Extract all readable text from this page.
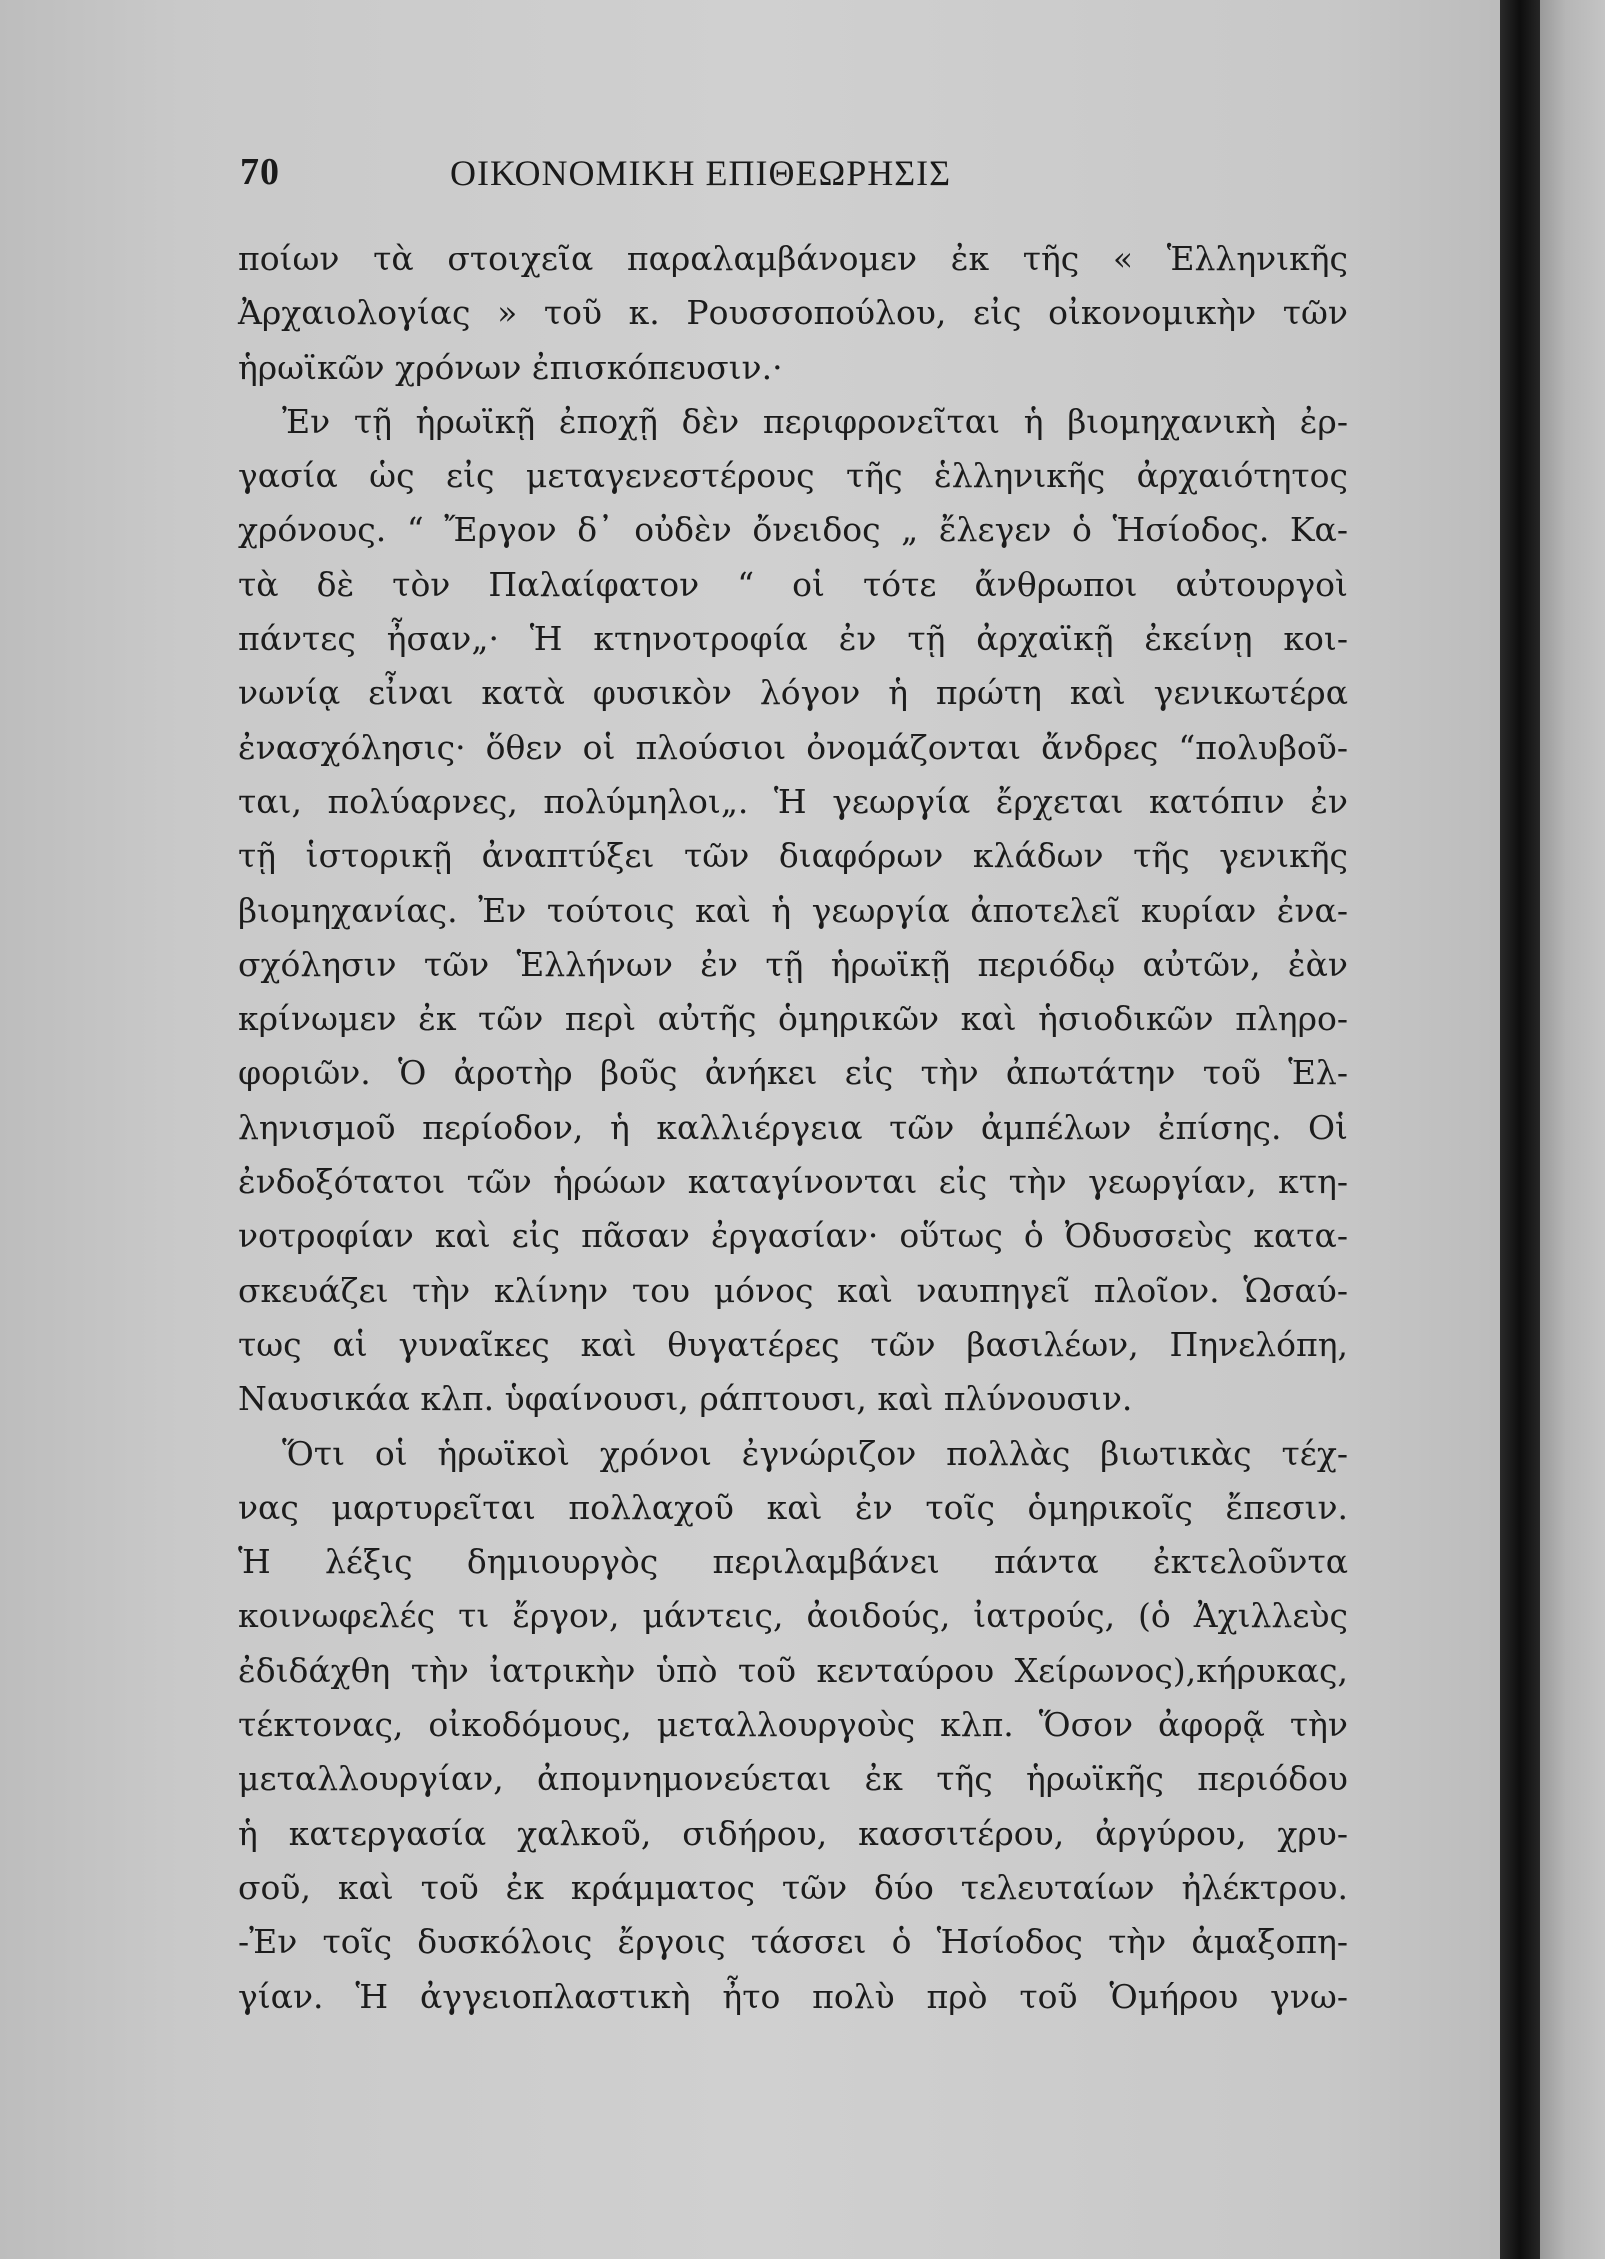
70	ΟΙΚΟΝΟΜΙΚΗ ΕΠΙΘΕΩΡΗΣΙΣ
ποίων τὰ στοιχεῖα παραλαμβάνομεν ἐκ τῆς « Ἑλληνικῆς
Ἀρχαιολογίας » τοῦ κ. Ρουσσοπούλου, εἰς οἰκονομικὴν τῶν
ἡρωϊκῶν χρόνων ἐπισκόπευσιν.·
Ἐν τῇ ἡρωϊκῇ ἐποχῇ δὲν περιφρονεῖται ἡ βιομηχανικὴ ἐρ-
γασία ὡς εἰς μεταγενεστέρους τῆς ἑλληνικῆς ἀρχαιότητος
χρόνους. “ Ἔργον δ᾽ οὐδὲν ὄνειδος „ ἔλεγεν ὁ Ἡσίοδος. Κα-
τὰ δὲ τὸν Παλαίφατον “ οἱ τότε ἄνθρωποι αὐτουργοὶ
πάντες ἦσαν„· Ἡ κτηνοτροφία ἐν τῇ ἀρχαϊκῇ ἐκείνῃ κοι-
νωνίᾳ εἶναι κατὰ φυσικὸν λόγον ἡ πρώτη καὶ γενικωτέρα
ἐνασχόλησις· ὅθεν οἱ πλούσιοι ὀνομάζονται ἄνδρες “πολυβοῦ-
ται, πολύαρνες, πολύμηλοι„. Ἡ γεωργία ἔρχεται κατόπιν ἐν
τῇ ἱστορικῇ ἀναπτύξει τῶν διαφόρων κλάδων τῆς γενικῆς
βιομηχανίας. Ἐν τούτοις καὶ ἡ γεωργία ἀποτελεῖ κυρίαν ἐνα-
σχόλησιν τῶν Ἑλλήνων ἐν τῇ ἡρωϊκῇ περιόδῳ αὐτῶν, ἐὰν
κρίνωμεν ἐκ τῶν περὶ αὐτῆς ὁμηρικῶν καὶ ἡσιοδικῶν πληρο-
φοριῶν. Ὁ ἀροτὴρ βοῦς ἀνήκει εἰς τὴν ἀπωτάτην τοῦ Ἑλ-
ληνισμοῦ περίοδον, ἡ καλλιέργεια τῶν ἀμπέλων ἐπίσης. Οἱ
ἐνδοξότατοι τῶν ἡρώων καταγίνονται εἰς τὴν γεωργίαν, κτη-
νοτροφίαν καὶ εἰς πᾶσαν ἐργασίαν· οὕτως ὁ Ὀδυσσεὺς κατα-
σκευάζει τὴν κλίνην του μόνος καὶ ναυπηγεῖ πλοῖον. Ὡσαύ-
τως αἱ γυναῖκες καὶ θυγατέρες τῶν βασιλέων, Πηνελόπη,
Ναυσικάα κλπ. ὑφαίνουσι, ράπτουσι, καὶ πλύνουσιν.
Ὅτι οἱ ἡρωϊκοὶ χρόνοι ἐγνώριζον πολλὰς βιωτικὰς τέχ-
νας μαρτυρεῖται πολλαχοῦ καὶ ἐν τοῖς ὁμηρικοῖς ἔπεσιν.
Ἡ λέξις δημιουργὸς περιλαμβάνει πάντα ἐκτελοῦντα
κοινωφελές τι ἔργον, μάντεις, ἀοιδούς, ἰατρούς, (ὁ Ἀχιλλεὺς
ἐδιδάχθη τὴν ἰατρικὴν ὑπὸ τοῦ κενταύρου Χείρωνος),κήρυκας,
τέκτονας, οἰκοδόμους, μεταλλουργοὺς κλπ. Ὅσον ἀφορᾷ τὴν
μεταλλουργίαν, ἀπομνημονεύεται ἐκ τῆς ἡρωϊκῆς περιόδου
ἡ κατεργασία χαλκοῦ, σιδήρου, κασσιτέρου, ἀργύρου, χρυ-
σοῦ, καὶ τοῦ ἐκ κράμματος τῶν δύο τελευταίων ἠλέκτρου.
-Ἐν τοῖς δυσκόλοις ἔργοις τάσσει ὁ Ἡσίοδος τὴν ἀμαξοπη-
γίαν. Ἡ ἀγγειοπλαστικὴ ἦτο πολὺ πρὸ τοῦ Ὁμήρου γνω-
